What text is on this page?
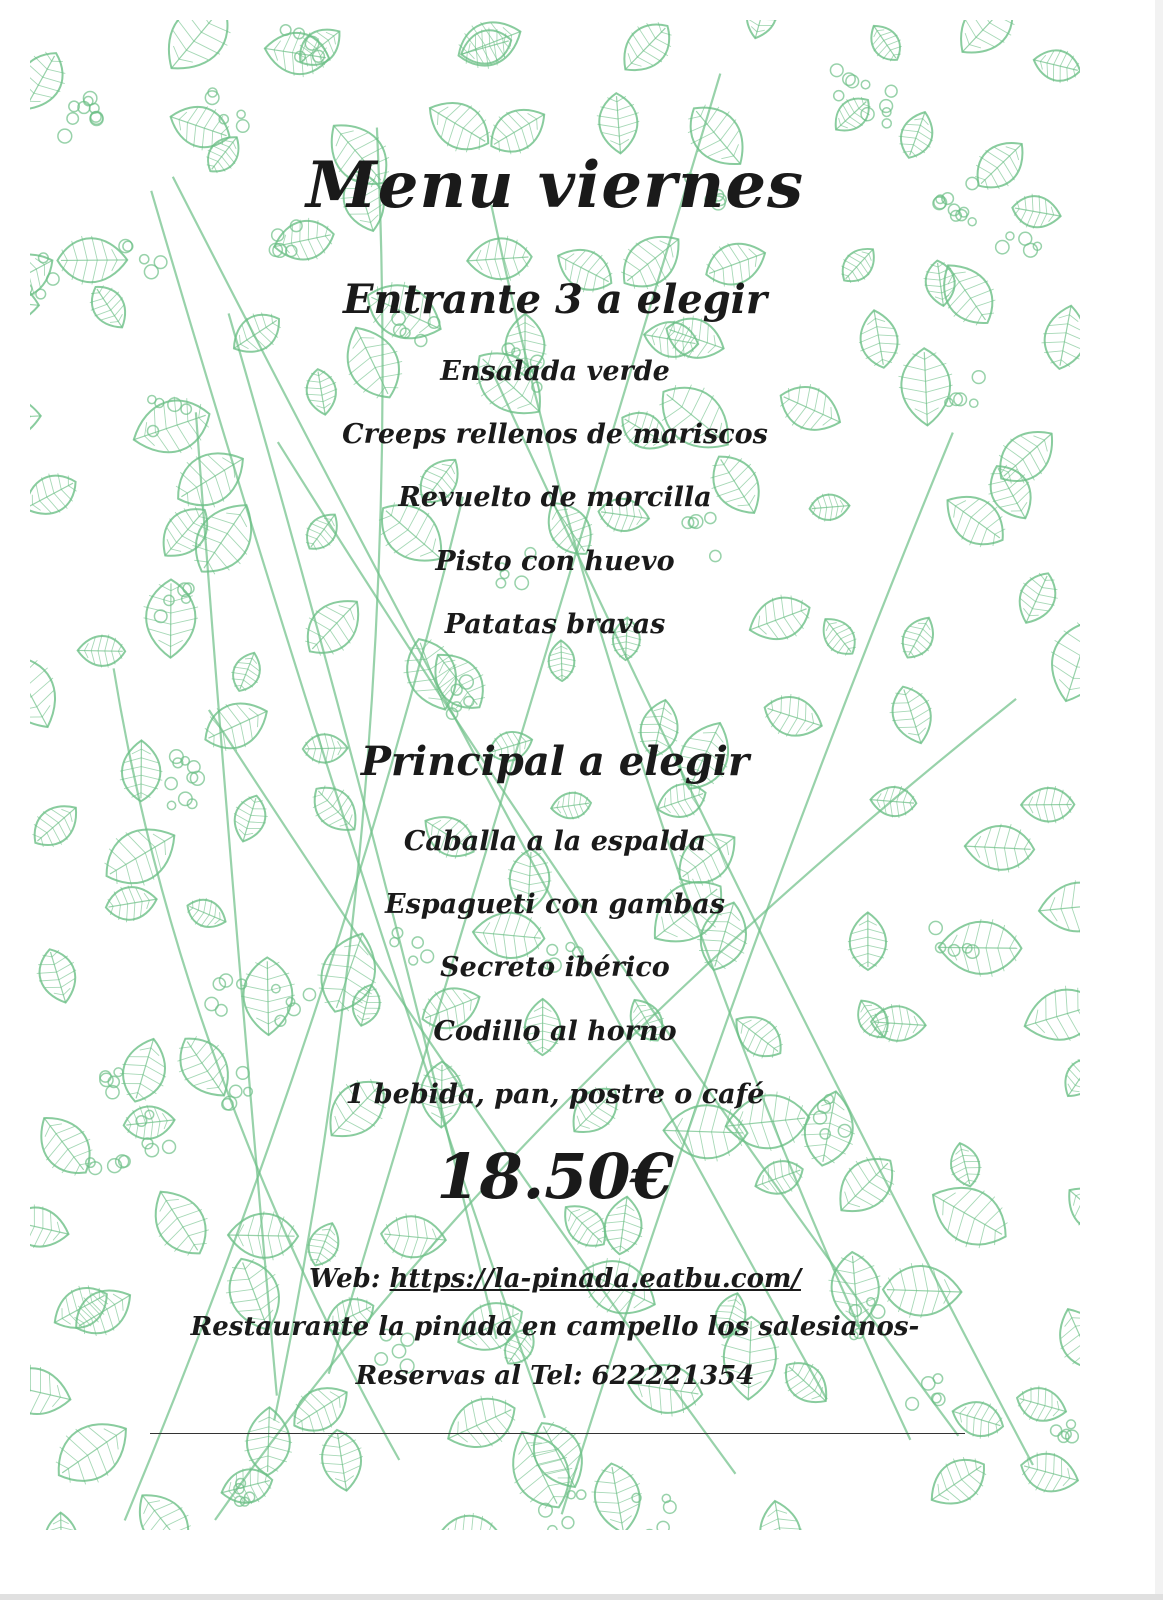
Menu viernes
Entrante 3 a elegir
Ensalada verde
Creeps rellenos de mariscos
Revuelto de morcilla
Pisto con huevo
Patatas bravas
Principal a elegir
Caballa a la espalda
Espagueti con gambas
Secreto ibérico
Codillo al horno
1 bebida, pan, postre o café
18.50€
Web: https://la-pinada.eatbu.com/
Restaurante la pinada en campello los salesianos-
Reservas al Tel: 622221354
